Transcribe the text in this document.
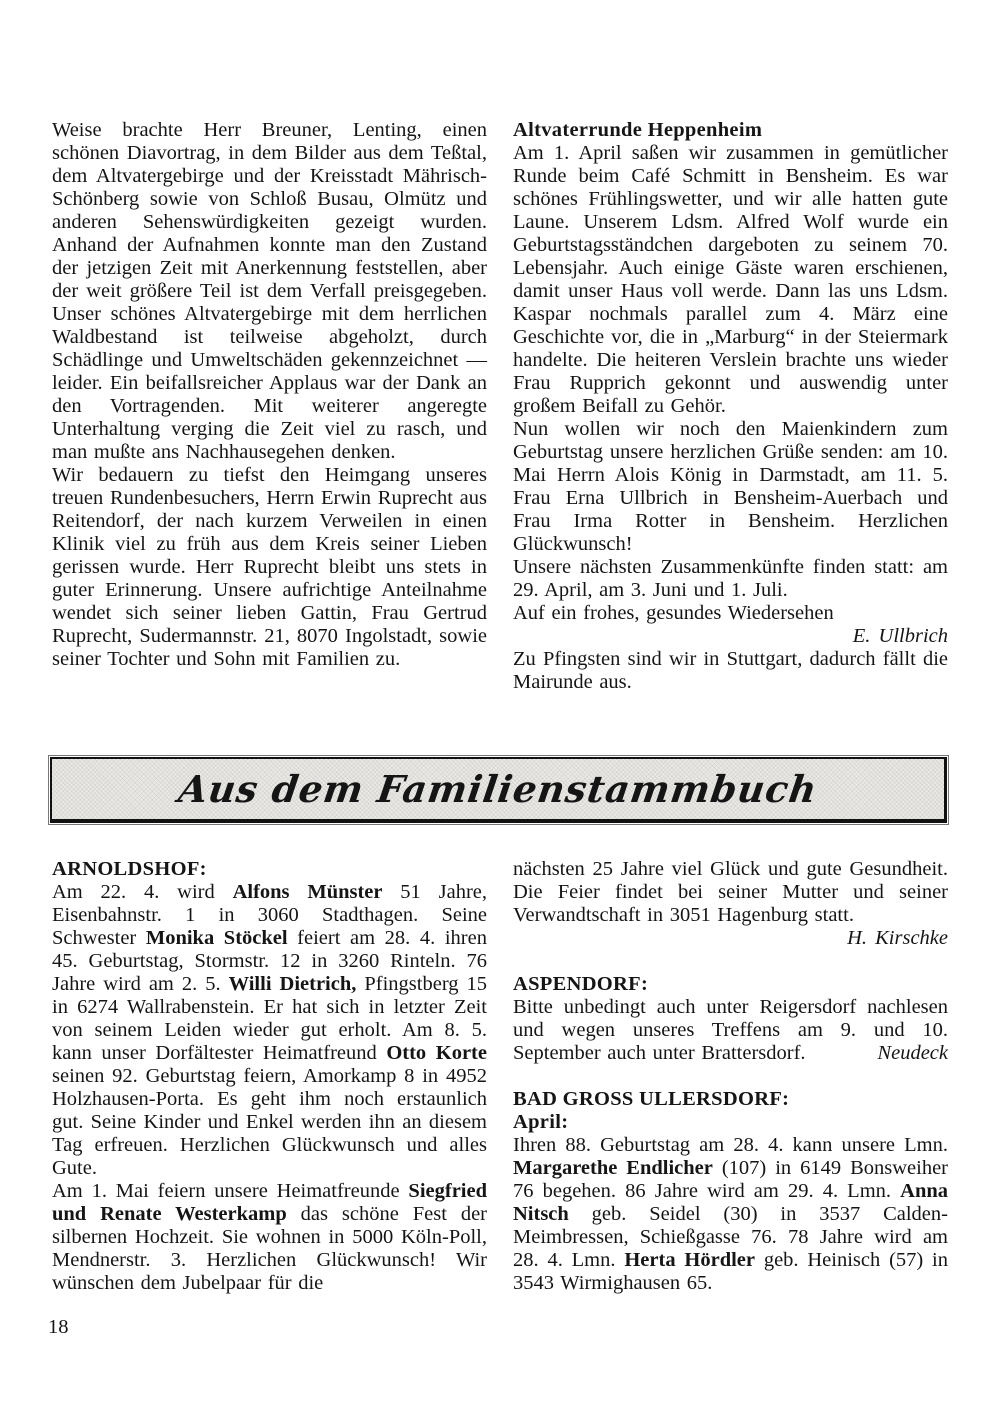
Weise brachte Herr Breuner, Lenting, einen schönen Diavortrag, in dem Bilder aus dem Teßtal, dem Altvatergebirge und der Kreisstadt Mährisch-Schönberg sowie von Schloß Busau, Olmütz und anderen Sehenswürdigkeiten gezeigt wurden. Anhand der Aufnahmen konnte man den Zustand der jetzigen Zeit mit Anerkennung feststellen, aber der weit größere Teil ist dem Verfall preisgegeben. Unser schönes Altvatergebirge mit dem herrlichen Waldbestand ist teilweise abgeholzt, durch Schädlinge und Umweltschäden gekennzeichnet — leider. Ein beifallsreicher Applaus war der Dank an den Vortragenden. Mit weiterer angeregte Unterhaltung verging die Zeit viel zu rasch, und man mußte ans Nachhausegehen denken.

Wir bedauern zu tiefst den Heimgang unseres treuen Rundenbesuchers, Herrn Erwin Ruprecht aus Reitendorf, der nach kurzem Verweilen in einen Klinik viel zu früh aus dem Kreis seiner Lieben gerissen wurde. Herr Ruprecht bleibt uns stets in guter Erinnerung. Unsere aufrichtige Anteilnahme wendet sich seiner lieben Gattin, Frau Gertrud Ruprecht, Sudermannstr. 21, 8070 Ingolstadt, sowie seiner Tochter und Sohn mit Familien zu.

Altvaterrunde Heppenheim

Am 1. April saßen wir zusammen in gemütlicher Runde beim Café Schmitt in Bensheim. Es war schönes Frühlingswetter, und wir alle hatten gute Laune. Unserem Ldsm. Alfred Wolf wurde ein Geburtstagsständchen dargeboten zu seinem 70. Lebensjahr. Auch einige Gäste waren erschienen, damit unser Haus voll werde. Dann las uns Ldsm. Kaspar nochmals parallel zum 4. März eine Geschichte vor, die in „Marburg“ in der Steiermark handelte. Die heiteren Verslein brachte uns wieder Frau Rupprich gekonnt und auswendig unter großem Beifall zu Gehör.

Nun wollen wir noch den Maienkindern zum Geburtstag unsere herzlichen Grüße senden: am 10. Mai Herrn Alois König in Darmstadt, am 11. 5. Frau Erna Ullbrich in Bensheim-Auerbach und Frau Irma Rotter in Bensheim. Herzlichen Glückwunsch!

Unsere nächsten Zusammenkünfte finden statt: am 29. April, am 3. Juni und 1. Juli.

Auf ein frohes, gesundes Wiedersehen

E. Ullbrich

Zu Pfingsten sind wir in Stuttgart, dadurch fällt die Mairunde aus.

Aus dem Familienstammbuch
ARNOLDSHOF:

Am 22. 4. wird Alfons Münster 51 Jahre, Eisenbahnstr. 1 in 3060 Stadthagen. Seine Schwester Monika Stöckel feiert am 28. 4. ihren 45. Geburtstag, Stormstr. 12 in 3260 Rinteln. 76 Jahre wird am 2. 5. Willi Dietrich, Pfingstberg 15 in 6274 Wallrabenstein. Er hat sich in letzter Zeit von seinem Leiden wieder gut erholt. Am 8. 5. kann unser Dorfältester Heimatfreund Otto Korte seinen 92. Geburtstag feiern, Amorkamp 8 in 4952 Holzhausen-Porta. Es geht ihm noch erstaunlich gut. Seine Kinder und Enkel werden ihn an diesem Tag erfreuen. Herzlichen Glückwunsch und alles Gute.

Am 1. Mai feiern unsere Heimatfreunde Siegfried und Renate Westerkamp das schöne Fest der silbernen Hochzeit. Sie wohnen in 5000 Köln-Poll, Mendnerstr. 3. Herzlichen Glückwunsch! Wir wünschen dem Jubelpaar für die

nächsten 25 Jahre viel Glück und gute Gesundheit. Die Feier findet bei seiner Mutter und seiner Verwandtschaft in 3051 Hagenburg statt.

H. Kirschke

ASPENDORF:

Bitte unbedingt auch unter Reigersdorf nachlesen und wegen unseres Treffens am 9. und 10. September auch unter Brattersdorf.	Neudeck

BAD GROSS ULLERSDORF:
April:

Ihren 88. Geburtstag am 28. 4. kann unsere Lmn. Margarethe Endlicher (107) in 6149 Bonsweiher 76 begehen. 86 Jahre wird am 29. 4. Lmn. Anna Nitsch geb. Seidel (30) in 3537 Calden-Meimbressen, Schießgasse 76. 78 Jahre wird am 28. 4. Lmn. Herta Hördler geb. Heinisch (57) in 3543 Wirmighausen 65.

18
